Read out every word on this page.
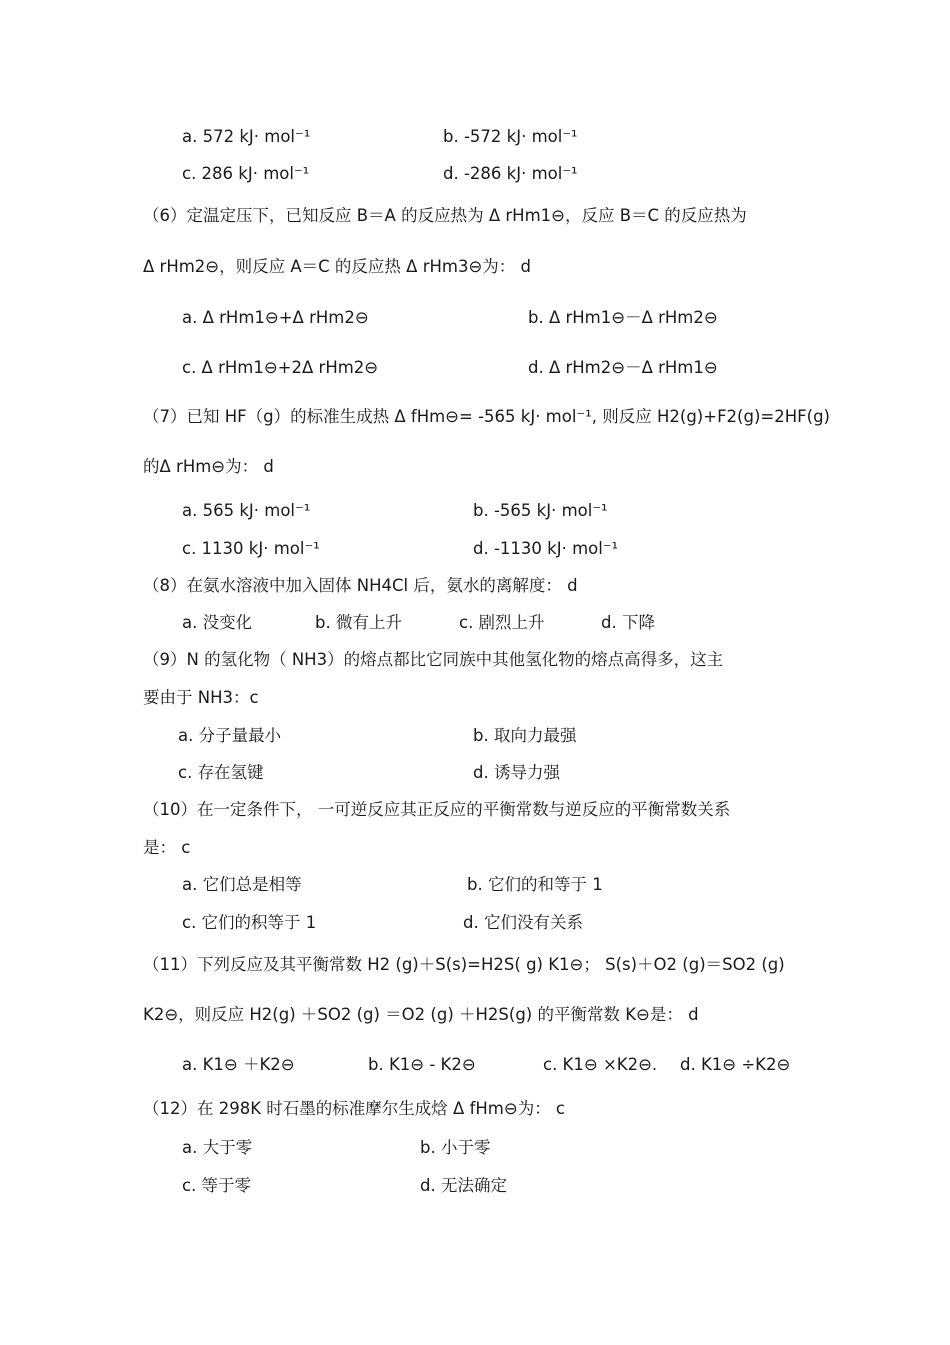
a. 572 kJ· mol⁻¹	b. -572 kJ· mol⁻¹
c. 286 kJ· mol⁻¹	d. -286 kJ· mol⁻¹
（6）定温定压下，已知反应 B＝A 的反应热为 Δ rHm1⊖，反应 B＝C 的反应热为
Δ rHm2⊖，则反应 A＝C 的反应热 Δ rHm3⊖为： d
a. Δ rHm1⊖+Δ rHm2⊖	b. Δ rHm1⊖－Δ rHm2⊖
c. Δ rHm1⊖+2Δ rHm2⊖	d. Δ rHm2⊖－Δ rHm1⊖
（7）已知 HF（g）的标准生成热 Δ fHm⊖= -565 kJ· mol⁻¹, 则反应 H2(g)+F2(g)=2HF(g)
的Δ rHm⊖为： d
a. 565 kJ· mol⁻¹	b. -565 kJ· mol⁻¹
c. 1130 kJ· mol⁻¹	d. -1130 kJ· mol⁻¹
（8）在氨水溶液中加入固体 NH4Cl 后，氨水的离解度： d
a. 没变化	b. 微有上升	c. 剧烈上升	d. 下降
（9）N 的氢化物（ NH3）的熔点都比它同族中其他氢化物的熔点高得多，这主
要由于 NH3：c
a. 分子量最小	b. 取向力最强
c. 存在氢键	d. 诱导力强
（10）在一定条件下， 一可逆反应其正反应的平衡常数与逆反应的平衡常数关系
是： c
a. 它们总是相等	b. 它们的和等于 1
c. 它们的积等于 1	d. 它们没有关系
（11）下列反应及其平衡常数 H2 (g)＋S(s)=H2S( g) K1⊖； S(s)＋O2 (g)＝SO2 (g)
K2⊖，则反应 H2(g) ＋SO2 (g) ＝O2 (g) ＋H2S(g) 的平衡常数 K⊖是： d
a. K1⊖ ＋K2⊖	b. K1⊖ - K2⊖	c. K1⊖ ×K2⊖. d. K1⊖ ÷K2⊖
（12）在 298K 时石墨的标准摩尔生成焓 Δ fHm⊖为： c
a. 大于零	b. 小于零
c. 等于零	d. 无法确定
